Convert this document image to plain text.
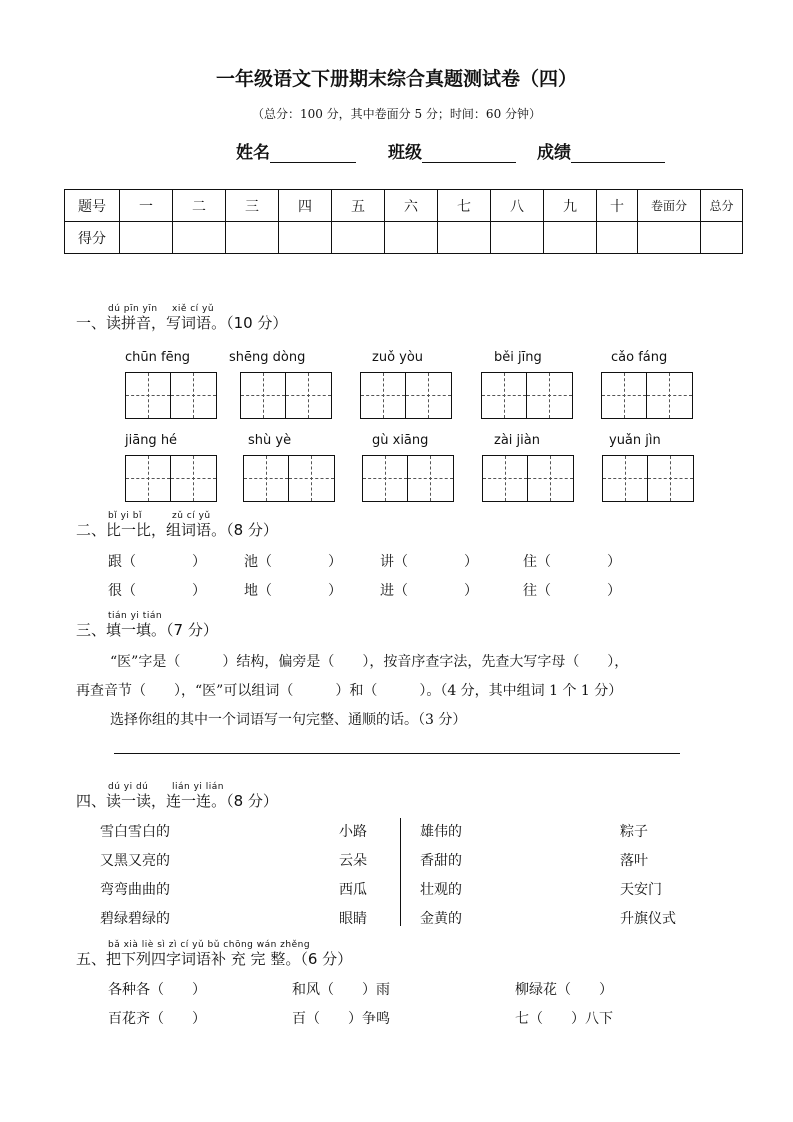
一年级语文下册期末综合真题测试卷（四）
（总分：100 分，其中卷面分 5 分；时间：60 分钟）
姓名	班级	成绩
题号	一	二	三	四	五	六	七	八	九	十	卷面分	总分
得分												
dú pīn yīn xiě cí yǔ
一、读拼音，写词语。（10 分）
chūn fēng	shēng dòng	zuǒ yòu	běi jīng	cǎo fáng
jiāng hé	shù yè	gù xiāng	zài jiàn	yuǎn jìn
bǐ yi bǐ	zǔ cí yǔ
二、比一比，组词语。（8 分）
跟（　　　　）	池（　　　　）	讲（　　　　）	住（　　　　）
很（　　　　）	地（　　　　）	进（　　　　）	往（　　　　）
tián yi tián
三、填一填。（7 分）
“医”字是（　　　）结构，偏旁是（　　），按音序查字法，先查大写字母（　　），
再查音节（　　），“医”可以组词（　　　）和（　　　）。（4 分，其中组词 1 个 1 分）
选择你组的其中一个词语写一句完整、通顺的话。（3 分）
dú yi dú	lián yi lián
四、读一读，连一连。（8 分）
雪白雪白的
又黑又亮的
弯弯曲曲的
碧绿碧绿的
小路
云朵
西瓜
眼睛
雄伟的
香甜的
壮观的
金黄的
粽子
落叶
天安门
升旗仪式
bǎ xià liè sì zì cí yǔ bǔ chōng wán zhěng
五、把下列四字词语补 充 完 整。（6 分）
各种各（　　）	和风（　　）雨	柳绿花（　　）
百花齐（　　）	百（　　）争鸣	七（　　）八下
